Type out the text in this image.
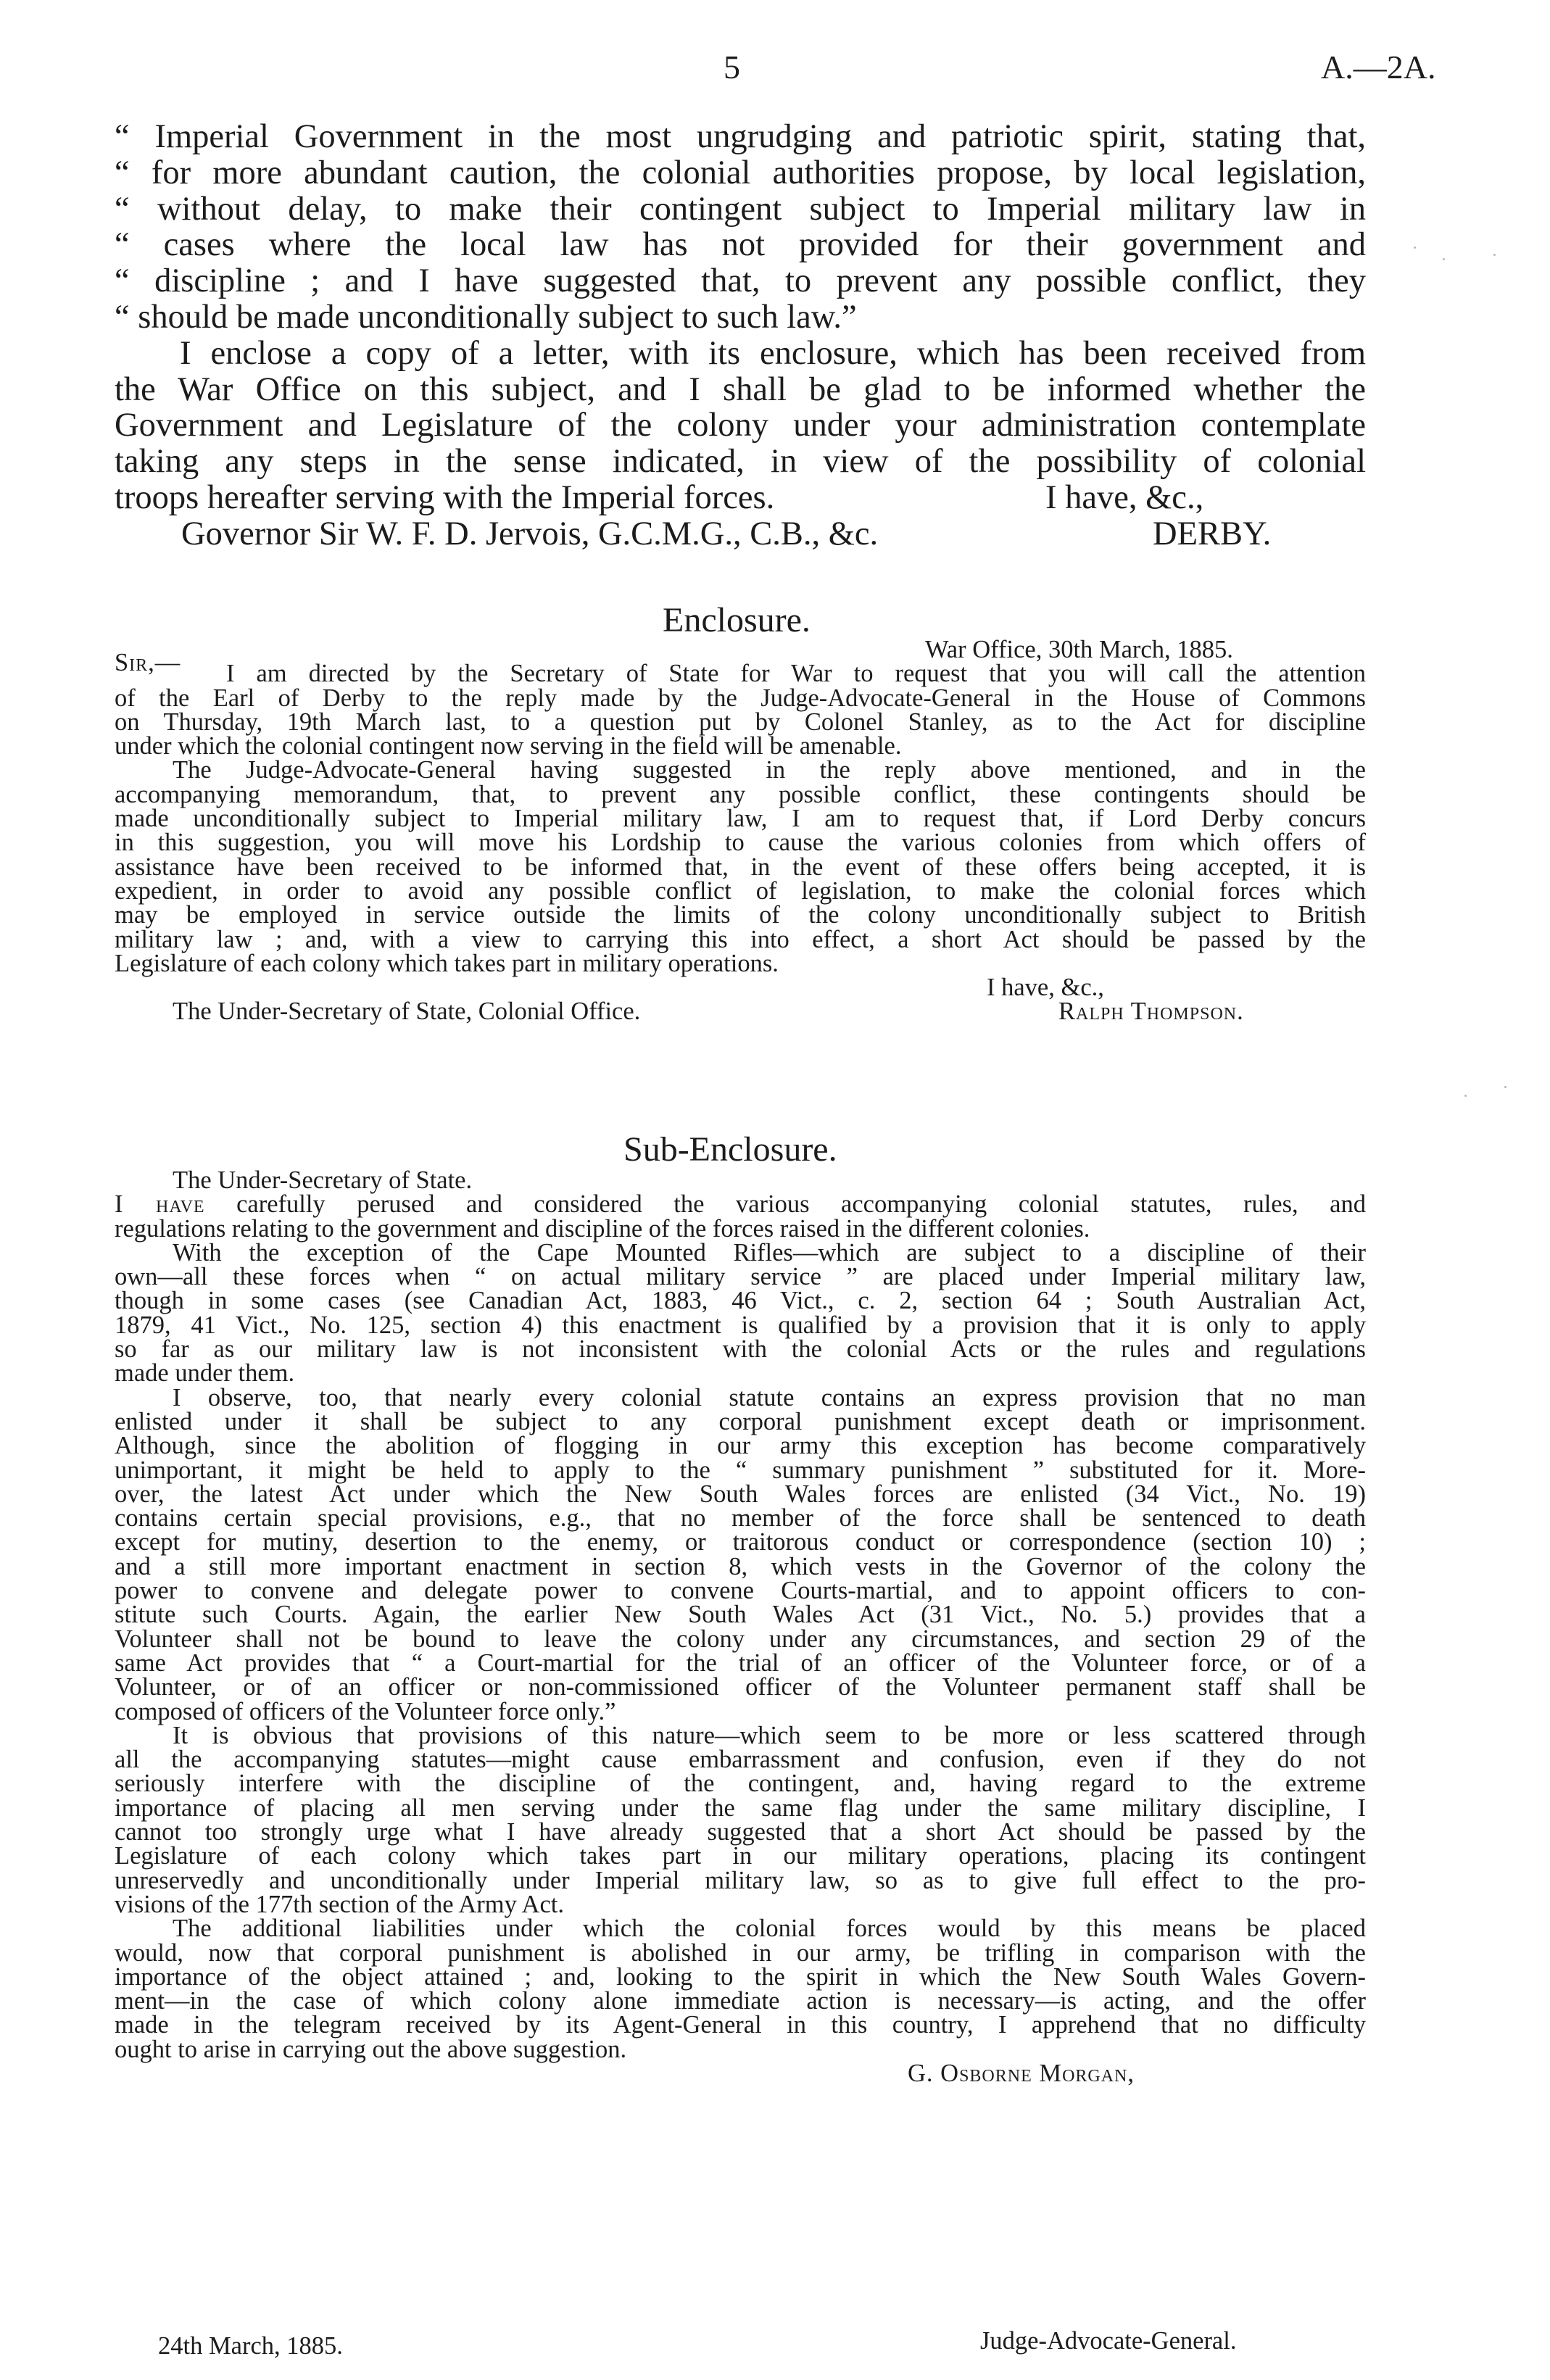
5	A.—2A.
“ Imperial Government in the most ungrudging and patriotic spirit, stating that,
“ for more abundant caution, the colonial authorities propose, by local legislation,
“ without delay, to make their contingent subject to Imperial military law in
“ cases where the local law has not provided for their government and
“ discipline ; and I have suggested that, to prevent any possible conflict, they
“ should be made unconditionally subject to such law.”
I enclose a copy of a letter, with its enclosure, which has been received from
the War Office on this subject, and I shall be glad to be informed whether the
Government and Legislature of the colony under your administration contemplate
taking any steps in the sense indicated, in view of the possibility of colonial
troops hereafter serving with the Imperial forces.	I have, &c.,
Governor Sir W. F. D. Jervois, G.C.M.G., C.B., &c.	DERBY.
Enclosure.
Sir,—	War Office, 30th March, 1885.
I am directed by the Secretary of State for War to request that you will call the attention
of the Earl of Derby to the reply made by the Judge-Advocate-General in the House of Commons
on Thursday, 19th March last, to a question put by Colonel Stanley, as to the Act for discipline
under which the colonial contingent now serving in the field will be amenable.
The Judge-Advocate-General having suggested in the reply above mentioned, and in the
accompanying memorandum, that, to prevent any possible conflict, these contingents should be
made unconditionally subject to Imperial military law, I am to request that, if Lord Derby concurs
in this suggestion, you will move his Lordship to cause the various colonies from which offers of
assistance have been received to be informed that, in the event of these offers being accepted, it is
expedient, in order to avoid any possible conflict of legislation, to make the colonial forces which
may be employed in service outside the limits of the colony unconditionally subject to British
military law ; and, with a view to carrying this into effect, a short Act should be passed by the
Legislature of each colony which takes part in military operations.
I have, &c.,
The Under-Secretary of State, Colonial Office.	Ralph Thompson.
Sub-Enclosure.
The Under-Secretary of State.
I have carefully perused and considered the various accompanying colonial statutes, rules, and
regulations relating to the government and discipline of the forces raised in the different colonies.
With the exception of the Cape Mounted Rifles—which are subject to a discipline of their
own—all these forces when “ on actual military service ” are placed under Imperial military law,
though in some cases (see Canadian Act, 1883, 46 Vict., c. 2, section 64 ; South Australian Act,
1879, 41 Vict., No. 125, section 4) this enactment is qualified by a provision that it is only to apply
so far as our military law is not inconsistent with the colonial Acts or the rules and regulations
made under them.
I observe, too, that nearly every colonial statute contains an express provision that no man
enlisted under it shall be subject to any corporal punishment except death or imprisonment.
Although, since the abolition of flogging in our army this exception has become comparatively
unimportant, it might be held to apply to the “ summary punishment ” substituted for it. More-
over, the latest Act under which the New South Wales forces are enlisted (34 Vict., No. 19)
contains certain special provisions, e.g., that no member of the force shall be sentenced to death
except for mutiny, desertion to the enemy, or traitorous conduct or correspondence (section 10) ;
and a still more important enactment in section 8, which vests in the Governor of the colony the
power to convene and delegate power to convene Courts-martial, and to appoint officers to con-
stitute such Courts. Again, the earlier New South Wales Act (31 Vict., No. 5.) provides that a
Volunteer shall not be bound to leave the colony under any circumstances, and section 29 of the
same Act provides that “ a Court-martial for the trial of an officer of the Volunteer force, or of a
Volunteer, or of an officer or non-commissioned officer of the Volunteer permanent staff shall be
composed of officers of the Volunteer force only.”
It is obvious that provisions of this nature—which seem to be more or less scattered through
all the accompanying statutes—might cause embarrassment and confusion, even if they do not
seriously interfere with the discipline of the contingent, and, having regard to the extreme
importance of placing all men serving under the same flag under the same military discipline, I
cannot too strongly urge what I have already suggested that a short Act should be passed by the
Legislature of each colony which takes part in our military operations, placing its contingent
unreservedly and unconditionally under Imperial military law, so as to give full effect to the pro-
visions of the 177th section of the Army Act.
The additional liabilities under which the colonial forces would by this means be placed
would, now that corporal punishment is abolished in our army, be trifling in comparison with the
importance of the object attained ; and, looking to the spirit in which the New South Wales Govern-
ment—in the case of which colony alone immediate action is necessary—is acting, and the offer
made in the telegram received by its Agent-General in this country, I apprehend that no difficulty
ought to arise in carrying out the above suggestion.
G. Osborne Morgan,
24th March, 1885.	Judge-Advocate-General.
